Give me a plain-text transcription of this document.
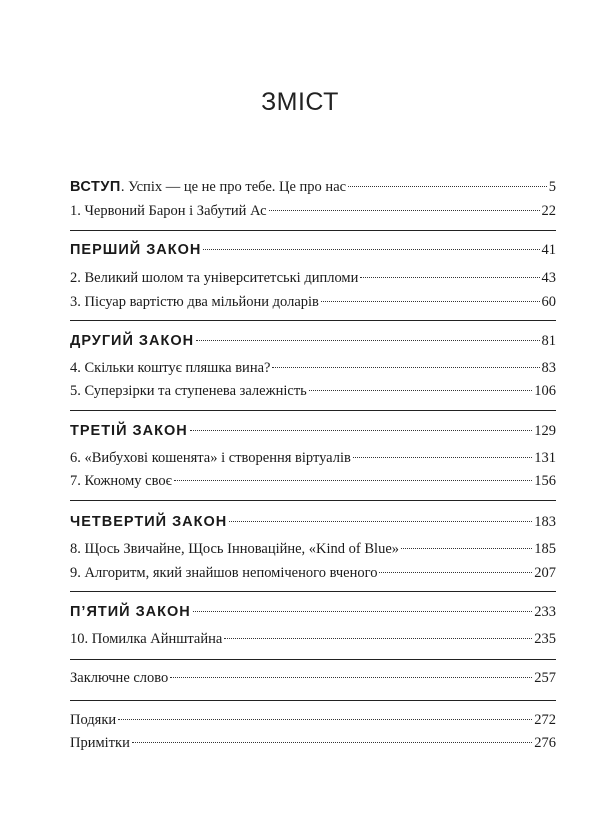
ЗМІСТ
ВСТУП. Успіх — це не про тебе. Це про нас	5
1. Червоний Барон і Забутий Ас	22
ПЕРШИЙ ЗАКОН	41
2. Великий шолом та університетські дипломи	43
3. Пісуар вартістю два мільйони доларів	60
ДРУГИЙ ЗАКОН	81
4. Скільки коштує пляшка вина?	83
5. Суперзірки та ступенева залежність	106
ТРЕТІЙ ЗАКОН	129
6. «Вибухові кошенята» і створення віртуалів	131
7. Кожному своє	156
ЧЕТВЕРТИЙ ЗАКОН	183
8. Щось Звичайне, Щось Інноваційне, «Kind of Blue»	185
9. Алгоритм, який знайшов непоміченого вченого	207
П’ЯТИЙ ЗАКОН	233
10. Помилка Айнштайна	235
Заключне слово	257
Подяки	272
Примітки	276
